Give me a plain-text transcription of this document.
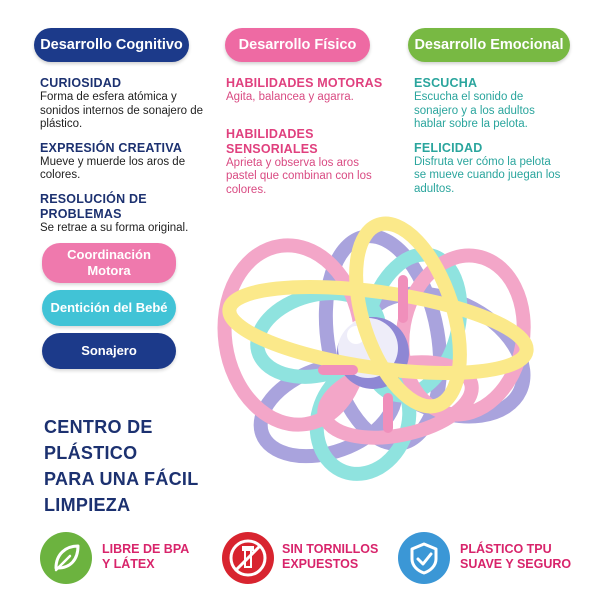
Desarrollo Cognitivo	Desarrollo Físico	Desarrollo Emocional
CURIOSIDAD
Forma de esfera atómica y sonidos internos de sonajero de plástico.
EXPRESIÓN CREATIVA
Mueve y muerde los aros de colores.
RESOLUCIÓN DE PROBLEMAS
Se retrae a su forma original.
HABILIDADES MOTORAS
Agita, balancea y agarra.
HABILIDADES SENSORIALES
Aprieta y observa los aros pastel que combinan con los colores.
ESCUCHA
Escucha el sonido de sonajero y a los adultos hablar sobre la pelota.
FELICIDAD
Disfruta ver cómo la pelota se mueve cuando juegan los adultos.
Coordinación
Motora
Dentición del Bebé
Sonajero
CENTRO DE PLÁSTICO
PARA UNA FÁCIL
LIMPIEZA
LIBRE DE BPA
Y LÁTEX
SIN TORNILLOS
EXPUESTOS
PLÁSTICO TPU
SUAVE Y SEGURO
